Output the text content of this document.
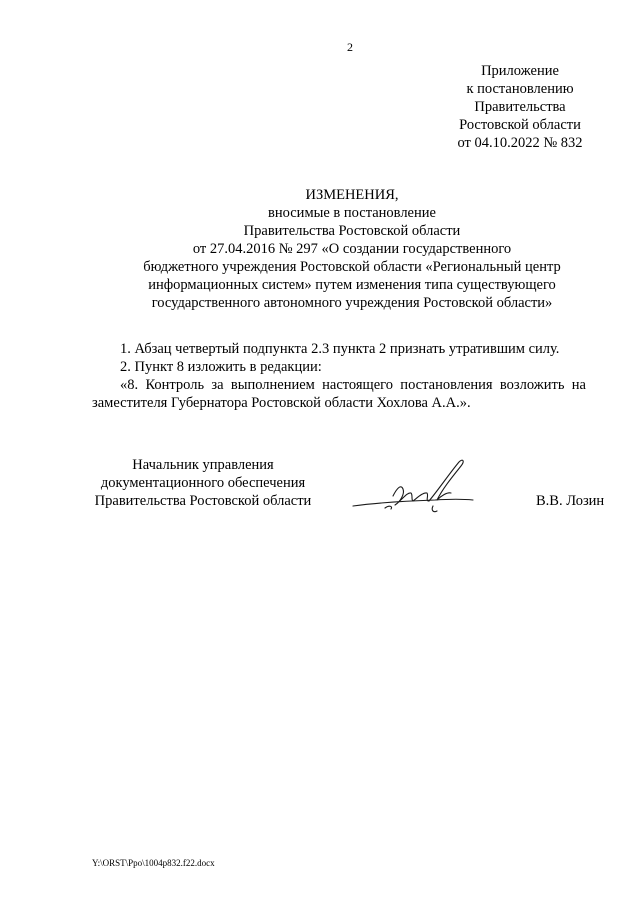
2
Приложение
к постановлению
Правительства
Ростовской области
от 04.10.2022 № 832
ИЗМЕНЕНИЯ,
вносимые в постановление
Правительства Ростовской области
от 27.04.2016 № 297 «О создании государственного
бюджетного учреждения Ростовской области «Региональный центр
информационных систем» путем изменения типа существующего
государственного автономного учреждения Ростовской области»

1. Абзац четвертый подпункта 2.3 пункта 2 признать утратившим силу.

2. Пункт 8 изложить в редакции:

«8. Контроль за выполнением настоящего постановления возложить на заместителя Губернатора Ростовской области Хохлова А.А.».

Начальник управления
документационного обеспечения
Правительства Ростовской области	В.В. Лозин
Y:\ORST\Ppo\1004p832.f22.docx
